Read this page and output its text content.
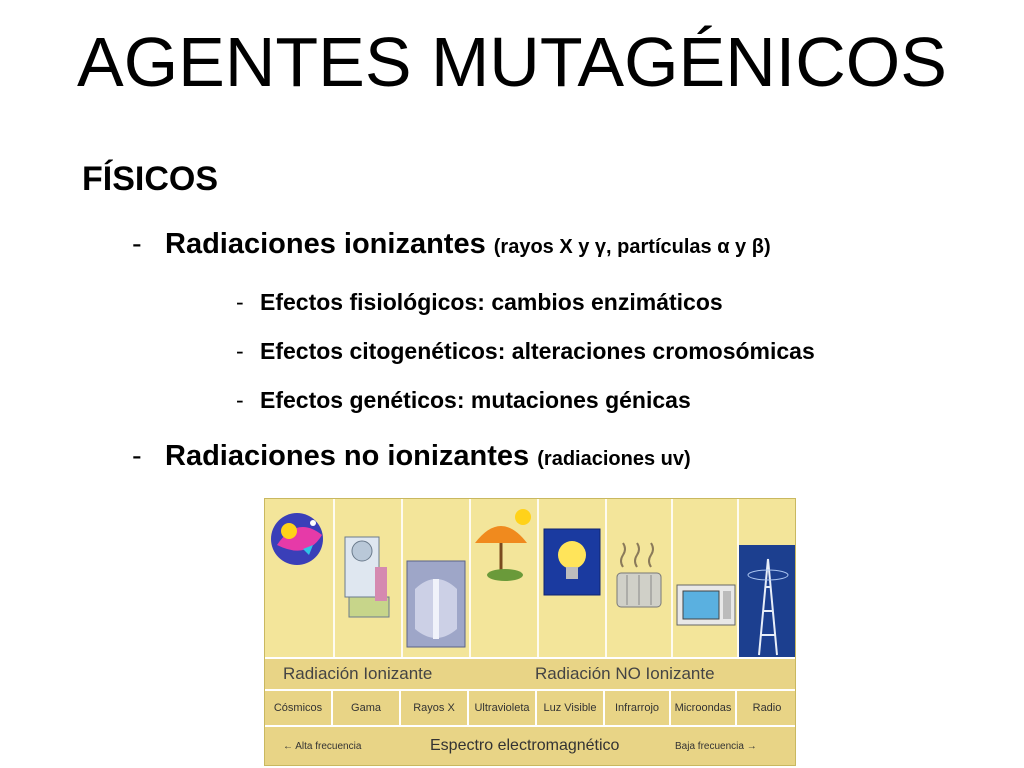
AGENTES MUTAGÉNICOS
FÍSICOS
- Radiaciones ionizantes (rayos X y γ, partículas α y β)
- Efectos fisiológicos: cambios enzimáticos
- Efectos citogenéticos: alteraciones cromosómicas
- Efectos genéticos: mutaciones génicas
- Radiaciones no ionizantes (radiaciones uv)
Radiación Ionizante	Radiación NO Ionizante
Cósmicos	Gama	Rayos X	Ultravioleta	Luz Visible	Infrarrojo	Microondas	Radio
← Alta frecuencia	Espectro electromagnético	Baja frecuencia →
